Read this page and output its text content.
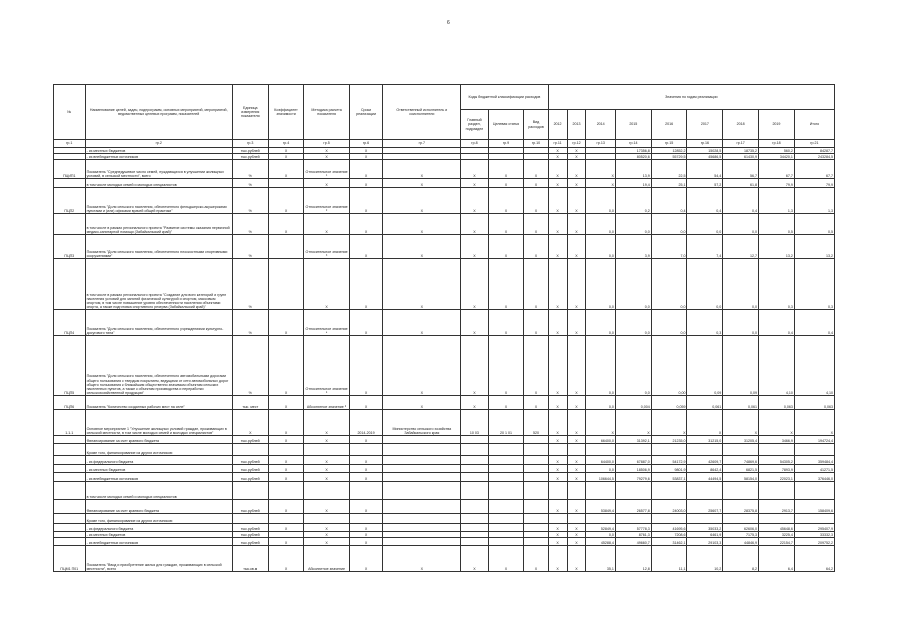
6
№	Наименование целей, задач, подпрограмм, основных мероприятий, мероприятий, ведомственных целевых программ, показателей	Единица измерения показателя	Коэффициент значимости	Методика расчета показателя	Сроки реализации	Ответственный исполнитель и соисполнители	Коды бюджетной классификации расходов			Значения по годам реализации								
							Главный раздел, подраздел	Целевая статья	Вид расходов	2012	2013	2014	2015	2016	2017	2018	2019	Итого
гр.1	гр.2	гр.3	гр.4	гр.5	гр.6	гр.7	гр.8	гр.9	гр.10	гр.11	гр.12	гр.13	гр.14	гр.15	гр.16	гр.17	гр.18	гр.21
	- из местных бюджетов	тыс.рублей	X	X	X					X	X		17356,8	12852,2	15028,5	18735,2	560,2	84287,7
	- из внебюджетных источников	тыс.рублей	X	X	X					X	X		80520,6	55729,5	45686,5	61430,9	34420,1	243284,5
ПЦИП1	Показатель "Среднедушевое число семей, нуждающихся в улучшении жилищных условий, в сельской местности", всего	%	X	Относительное значение ¹	X	X	X	X	X	X	X	X	13,9	22,5	54,4	56,7	67,7	67,7
	в том числе молодых семей и молодых специалистов	%		X	X	X	X	X	X	X	X	X	19,4	25,1	57,2	61,8	79,9	79,9
ПЦП2	Показатель "Доля сельского населения, обеспеченного фельдшерско-акушерскими пунктами и (или) офисами врачей общей практики"	%	X	Относительное значение ²	X	X	X	X	X	X	X	0,0	0,2	0,4	0,4	0,4	1,3	1,3
	в том числе в рамках регионального проекта "Развитие системы оказания первичной медико-санитарной помощи (Забайкальский край)"	%	X	X	X	X	X	X	X	X	X	0,0	0,0	0,0	0,0	0,0	0,5	0,5
ПЦП3	Показатель "Доля сельского населения, обеспеченного плоскостными спортивными сооружениями"	%		Относительное значение ³	X	X	X	X	X	X	X	0,0	3,9	7,0	7,4	12,7	13,2	13,2
	в том числе в рамках регионального проекта "Создание для всех категорий и групп населения условий для занятий физической культурой и спортом, массовым спортом, в том числе повышение уровня обеспеченности населения объектами спорта, а также подготовка спортивного резерва (Забайкальский край)"	%		X	X	X	X	X	X	X	X	0,0	0,0	0,0	0,0	0,0	0,3	0,3
ПЦП4	Показатель "Доля сельского населения, обеспеченного учреждениями культурно-досугового типа"	%	X	Относительное значение ⁴	X	X	X	X	X	X	X	0,0	0,0	0,0	0,3	0,0	0,4	0,4
ПЦП5	Показатель "Доля сельского населения, обеспеченного автомобильными дорогами общего пользования с твердым покрытием, ведущими от сети автомобильных дорог общего пользования к ближайшим общественно значимым объектам сельских населенных пунктов, а также к объектам производства и переработки сельскохозяйственной продукции"	%	X	Относительное значение ⁵	X	X	X	X	X	X	X	0,0	0,0	0,00	0,09	0,09	4,10	4,10
ПЦП6	Показатель "Количество созданных рабочих мест на селе"	тыс. мест	X	Абсолютное значение ⁶	X	X	X	X	X	X	X	0,0	0,004	0,059	0,061	0,061	0,063	0,063
1.1.1	Основное мероприятие 1 "Улучшение жилищных условий граждан, проживающих в сельской местности, в том числе молодых семей и молодых специалистов"	X	X	X	2014-2019	Министерство сельского хозяйства Забайкальского края	10 03	20 1 01	520	X	X	X	X	X	X	X	X	X
	Финансирование за счет краевого бюджета	тыс.рублей	X	X	X					X	X	66400,0	31392,1	21235,0	31215,0	31205,4	3466,9	194724,4
	Кроме того, финансирование из других источников:																	
	- из федерального бюджета	тыс.рублей	X	X	X					X	X	64400,0	67887,0	54172,9	42609,7	74869,6	54305,2	359484,4
	- из местных бюджетов	тыс.рублей	X	X	X					X	X	0,0	18506,9	9801,9	8642,4	6821,5	7893,9	41271,5
	- из внебюджетных источников	тыс.рублей	X	X	X					X	X	106644,5	79279,6	53837,1	44494,5	58154,0	22023,1	376446,0
	в том числе молодых семей и молодых специалистов																	
	Финансирование за счет краевого бюджета	тыс.рублей	X	X	X					X	X	53849,4	26577,8	24003,0	25607,7	28375,8	2913,7	158409,6
	Кроме того, финансирование из других источников:																	
	- из федерального бюджета	тыс.рублей	X	X	X					X	X	52849,4	57778,3	41695,6	35033,2	62606,0	45648,6	295407,9
	- из местных бюджетов	тыс.рублей		X	X					X	X	0,0	8761,3	7208,6	6461,9	7175,3	3225,4	33332,3
	- из внебюджетных источников	тыс.рублей	X	X	X					X	X	45288,4	49660,7	31462,1	29103,3	44846,9	22154,7	209752,2
ПЦМ1 П01	Показатель "Ввод и приобретение жилья для граждан, проживающих в сельской местности", всего	тыс.кв.м	X	Абсолютное значение	X	X	X	X	X	X	X	35,1	12,8	11,1	10,2	8,2	6,4	64,2
